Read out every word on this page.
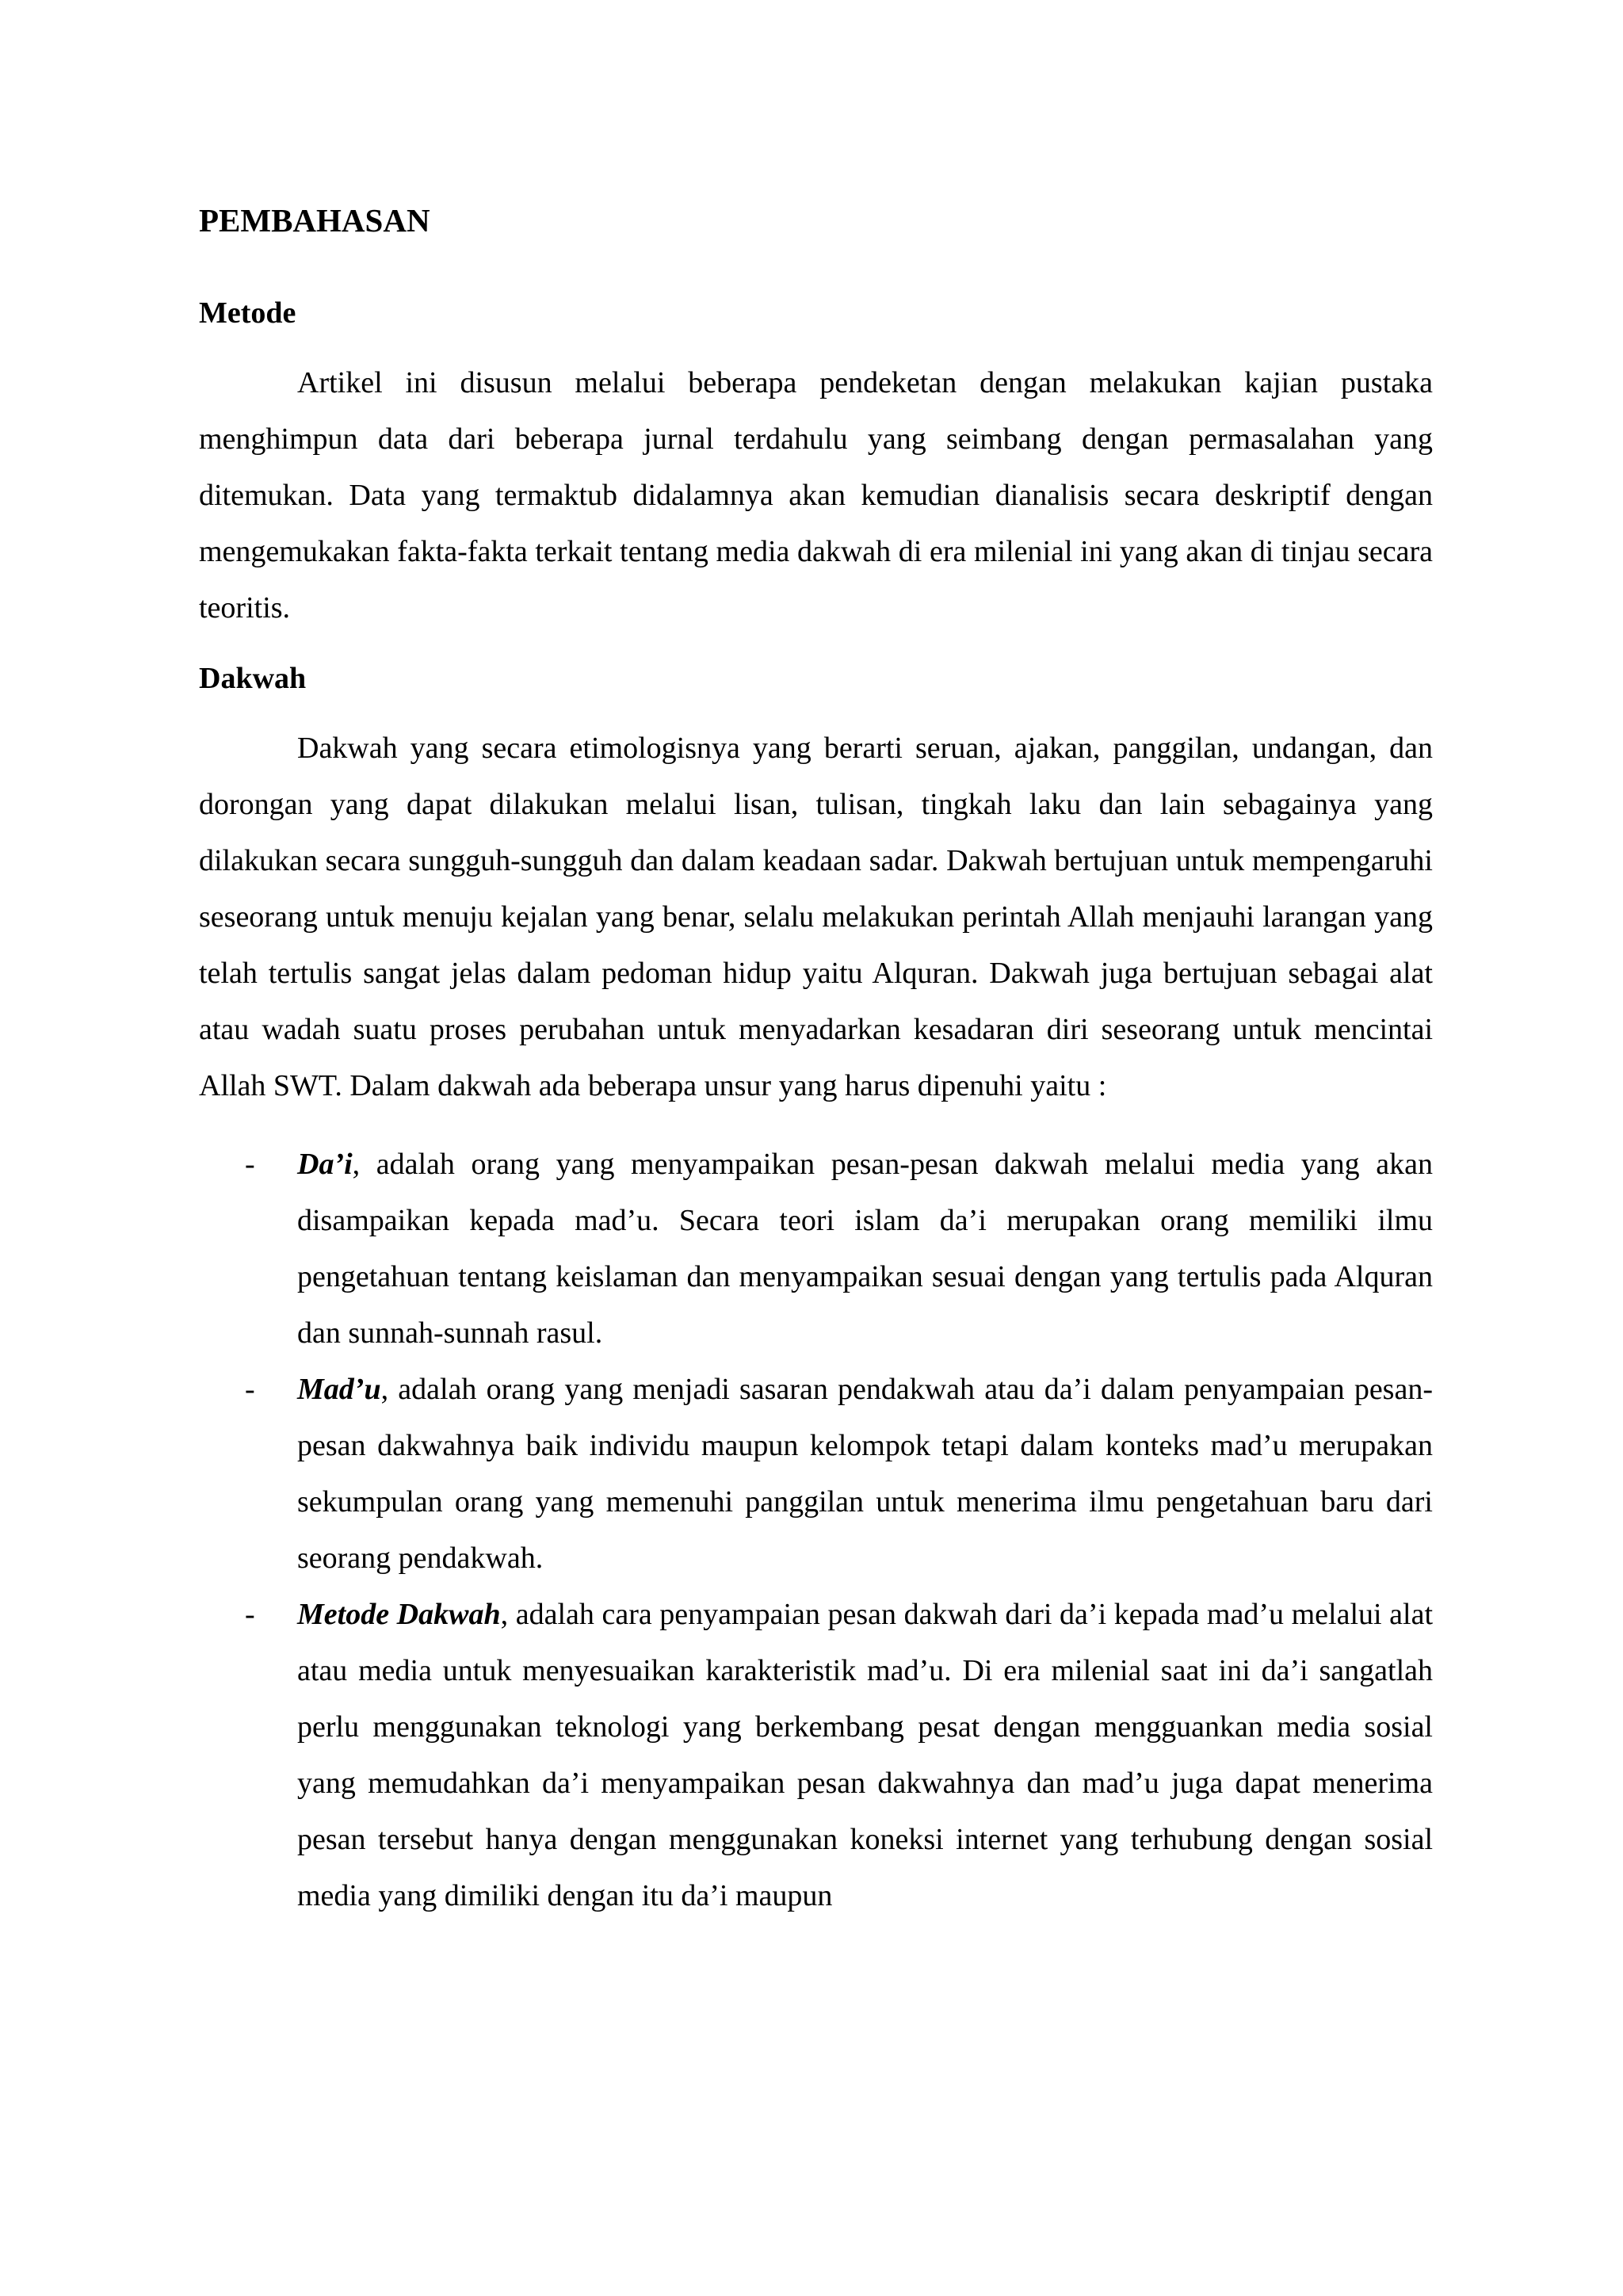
PEMBAHASAN
Metode

Artikel ini disusun melalui beberapa pendeketan dengan melakukan kajian pustaka menghimpun data dari beberapa jurnal terdahulu yang seimbang dengan permasalahan yang ditemukan. Data yang termaktub didalamnya akan kemudian dianalisis secara deskriptif dengan mengemukakan fakta-fakta terkait tentang media dakwah di era milenial ini yang akan di tinjau secara teoritis.

Dakwah

Dakwah yang secara etimologisnya yang berarti seruan, ajakan, panggilan, undangan, dan dorongan yang dapat dilakukan melalui lisan, tulisan, tingkah laku dan lain sebagainya yang dilakukan secara sungguh-sungguh dan dalam keadaan sadar. Dakwah bertujuan untuk mempengaruhi seseorang untuk menuju kejalan yang benar, selalu melakukan perintah Allah menjauhi larangan yang telah tertulis sangat jelas dalam pedoman hidup yaitu Alquran. Dakwah juga bertujuan sebagai alat atau wadah suatu proses perubahan untuk menyadarkan kesadaran diri seseorang untuk mencintai Allah SWT. Dalam dakwah ada beberapa unsur yang harus dipenuhi yaitu :

- Da’i, adalah orang yang menyampaikan pesan-pesan dakwah melalui media yang akan disampaikan kepada mad’u. Secara teori islam da’i merupakan orang memiliki ilmu pengetahuan tentang keislaman dan menyampaikan sesuai dengan yang tertulis pada Alquran dan sunnah-sunnah rasul.
- Mad’u, adalah orang yang menjadi sasaran pendakwah atau da’i dalam penyampaian pesan-pesan dakwahnya baik individu maupun kelompok tetapi dalam konteks mad’u merupakan sekumpulan orang yang memenuhi panggilan untuk menerima ilmu pengetahuan baru dari seorang pendakwah.
- Metode Dakwah, adalah cara penyampaian pesan dakwah dari da’i kepada mad’u melalui alat atau media untuk menyesuaikan karakteristik mad’u. Di era milenial saat ini da’i sangatlah perlu menggunakan teknologi yang berkembang pesat dengan mengguankan media sosial yang memudahkan da’i menyampaikan pesan dakwahnya dan mad’u juga dapat menerima pesan tersebut hanya dengan menggunakan koneksi internet yang terhubung dengan sosial media yang dimiliki dengan itu da’i maupun
